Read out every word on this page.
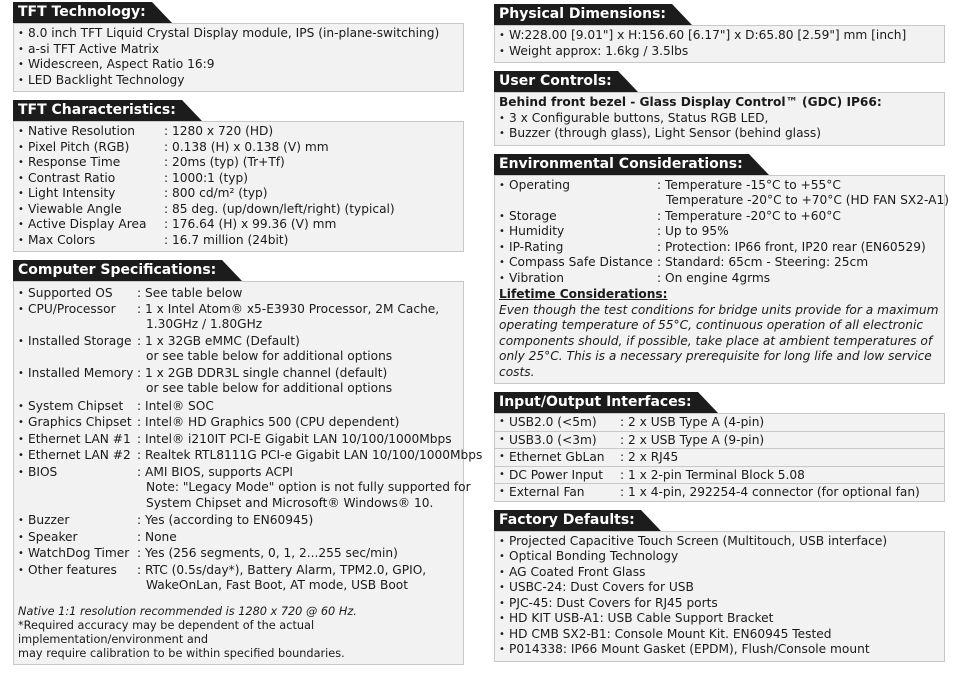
TFT Technology:
• 8.0 inch TFT Liquid Crystal Display module, IPS (in-plane-switching)
• a-si TFT Active Matrix
• Widescreen, Aspect Ratio 16:9
• LED Backlight Technology
TFT Characteristics:
• Native Resolution	: 1280 x 720 (HD)
• Pixel Pitch (RGB)	: 0.138 (H) x 0.138 (V) mm
• Response Time	: 20ms (typ) (Tr+Tf)
• Contrast Ratio	: 1000:1 (typ)
• Light Intensity	: 800 cd/m² (typ)
• Viewable Angle	: 85 deg. (up/down/left/right) (typical)
• Active Display Area	: 176.64 (H) x 99.36 (V) mm
• Max Colors	: 16.7 million (24bit)
Computer Specifications:
• Supported OS	: See table below
• CPU/Processor	: 1 x Intel Atom® x5-E3930 Processor, 2M Cache,
1.30GHz / 1.80GHz
• Installed Storage : 1 x 32GB eMMC (Default)
or see table below for additional options
• Installed Memory : 1 x 2GB DDR3L single channel (default)
or see table below for additional options
• System Chipset	: Intel® SOC
• Graphics Chipset : Intel® HD Graphics 500 (CPU dependent)
• Ethernet LAN #1 : Intel® i210IT PCI-E Gigabit LAN 10/100/1000Mbps
• Ethernet LAN #2 : Realtek RTL8111G PCI-e Gigabit LAN 10/100/1000Mbps
• BIOS	: AMI BIOS, supports ACPI
Note: "Legacy Mode" option is not fully supported for
System Chipset and Microsoft® Windows® 10.
• Buzzer	: Yes (according to EN60945)
• Speaker	: None
• WatchDog Timer : Yes (256 segments, 0, 1, 2...255 sec/min)
• Other features	: RTC (0.5s/day*), Battery Alarm, TPM2.0, GPIO,
WakeOnLan, Fast Boot, AT mode, USB Boot
Native 1:1 resolution recommended is 1280 x 720 @ 60 Hz.
*Required accuracy may be dependent of the actual implementation/environment and
may require calibration to be within specified boundaries.
Physical Dimensions:
• W:228.00 [9.01"] x H:156.60 [6.17"] x D:65.80 [2.59"] mm [inch]
• Weight approx: 1.6kg / 3.5lbs
User Controls:
Behind front bezel - Glass Display Control™ (GDC) IP66:
• 3 x Configurable buttons, Status RGB LED,
• Buzzer (through glass), Light Sensor (behind glass)
Environmental Considerations:
• Operating	: Temperature -15°C to +55°C
Temperature -20°C to +70°C (HD FAN SX2-A1)
• Storage	: Temperature -20°C to +60°C
• Humidity	: Up to 95%
• IP-Rating	: Protection: IP66 front, IP20 rear (EN60529)
• Compass Safe Distance : Standard: 65cm - Steering: 25cm
• Vibration	: On engine 4grms
Lifetime Considerations:
Even though the test conditions for bridge units provide for a maximum operating temperature of 55°C, continuous operation of all electronic components should, if possible, take place at ambient temperatures of only 25°C. This is a necessary prerequisite for long life and low service costs.
Input/Output Interfaces:
• USB2.0 (<5m)	: 2 x USB Type A (4-pin)
• USB3.0 (<3m)	: 2 x USB Type A (9-pin)
• Ethernet GbLan	: 2 x RJ45
• DC Power Input	: 1 x 2-pin Terminal Block 5.08
• External Fan	: 1 x 4-pin, 292254-4 connector (for optional fan)
Factory Defaults:
• Projected Capacitive Touch Screen (Multitouch, USB interface)
• Optical Bonding Technology
• AG Coated Front Glass
• USBC-24: Dust Covers for USB
• PJC-45: Dust Covers for RJ45 ports
• HD KIT USB-A1: USB Cable Support Bracket
• HD CMB SX2-B1: Console Mount Kit. EN60945 Tested
• P014338: IP66 Mount Gasket (EPDM), Flush/Console mount
